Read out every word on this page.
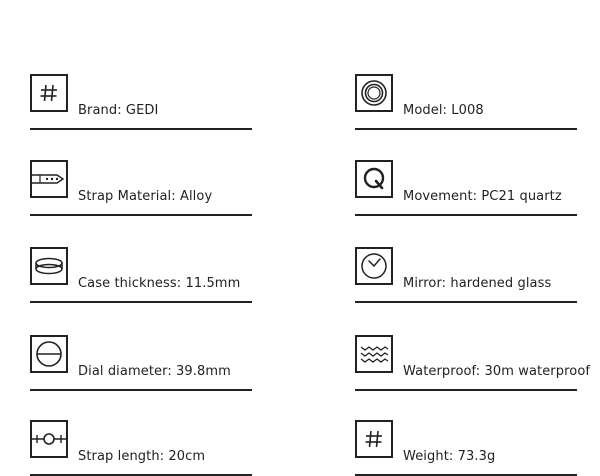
Brand: GEDI	Model: L008
Strap Material: Alloy	Movement: PC21 quartz
Case thickness: 11.5mm	Mirror: hardened glass
Dial diameter: 39.8mm	Waterproof: 30m waterproof
Strap length: 20cm	Weight: 73.3g
